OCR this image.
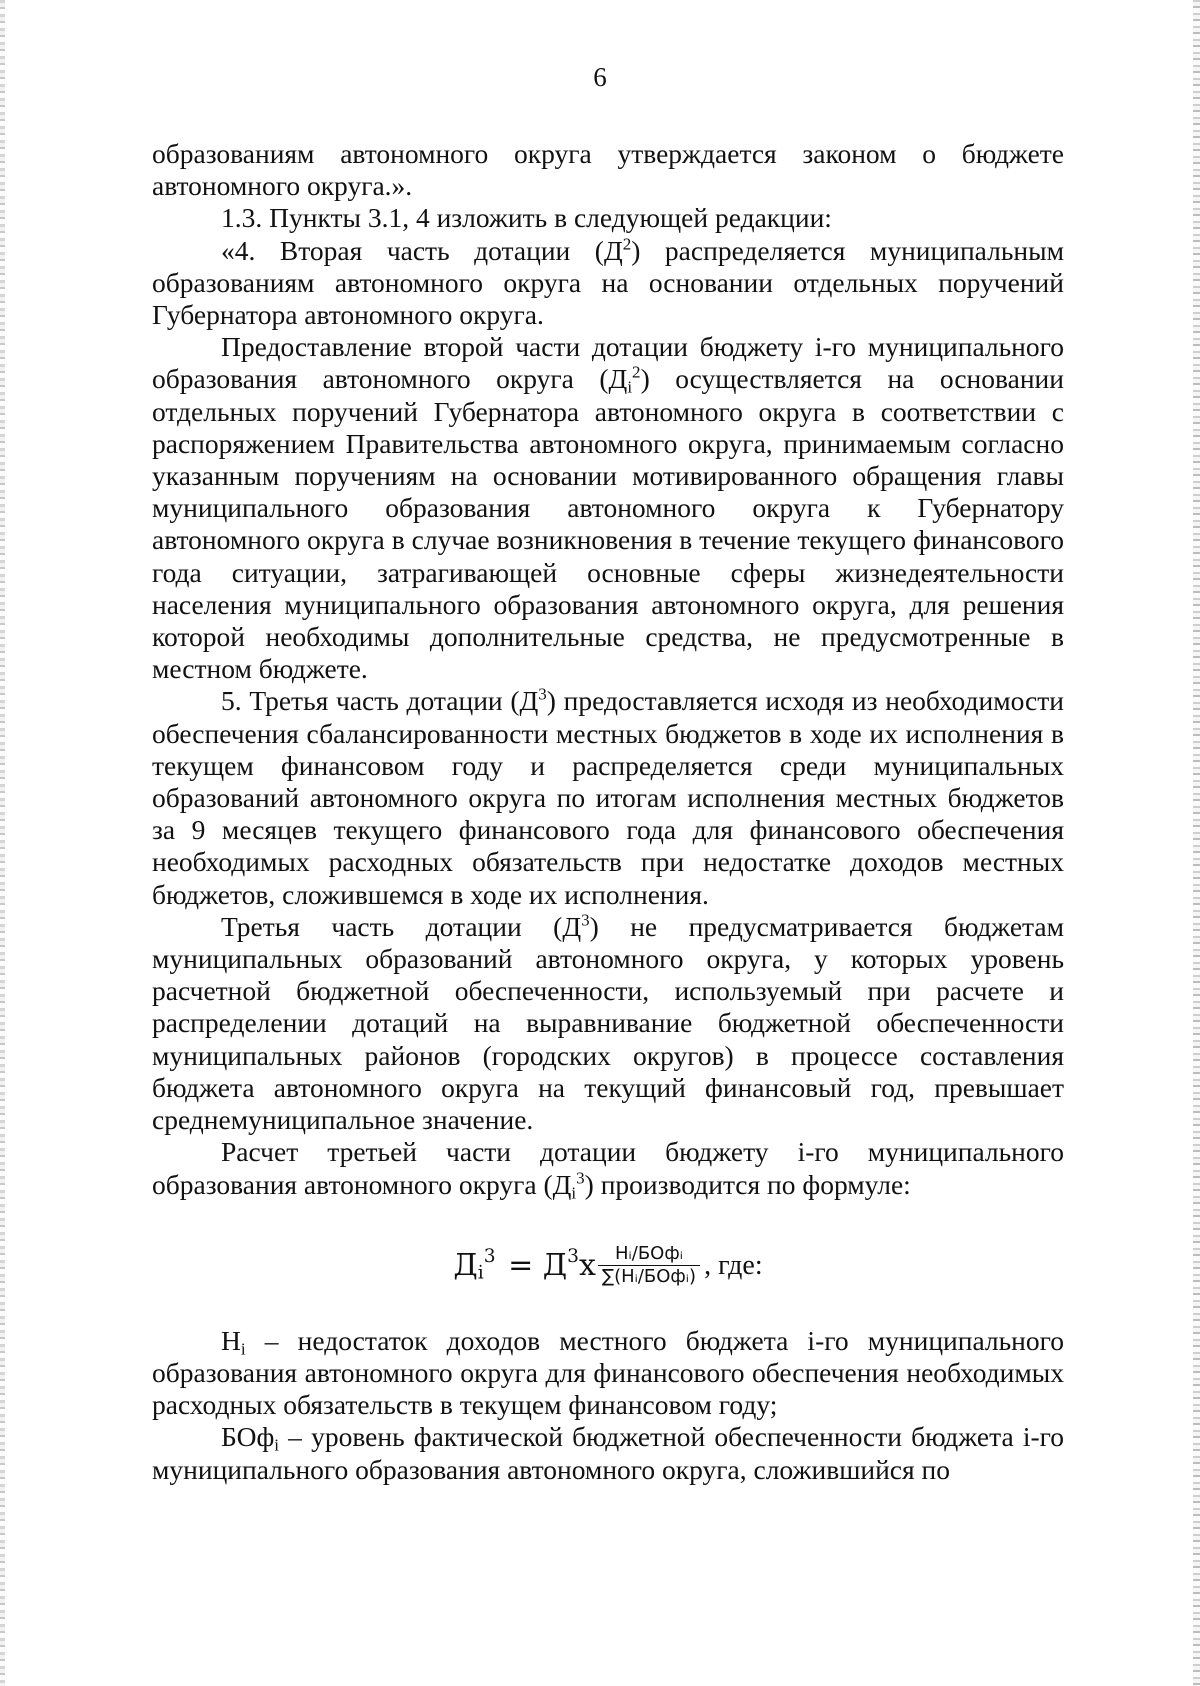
6

образованиям автономного округа утверждается законом о бюджете автономного округа.».

1.3. Пункты 3.1, 4 изложить в следующей редакции:

«4. Вторая часть дотации $(Д^2)$ распределяется муниципальным образованиям автономного округа на основании отдельных поручений Губернатора автономного округа.

Предоставление второй части дотации бюджету i-го муниципального образования автономного округа $(Д_i^2)$ осуществляется на основании отдельных поручений Губернатора автономного округа в соответствии с распоряжением Правительства автономного округа, принимаемым согласно указанным поручениям на основании мотивированного обращения главы муниципального образования автономного округа к Губернатору автономного округа в случае возникновения в течение текущего финансового года ситуации, затрагивающей основные сферы жизнедеятельности населения муниципального образования автономного округа, для решения которой необходимы дополнительные средства, не предусмотренные в местном бюджете.

5. Третья часть дотации $(Д^3)$ предоставляется исходя из необходимости обеспечения сбалансированности местных бюджетов в ходе их исполнения в текущем финансовом году и распределяется среди муниципальных образований автономного округа по итогам исполнения местных бюджетов за 9 месяцев текущего финансового года для финансового обеспечения необходимых расходных обязательств при недостатке доходов местных бюджетов, сложившемся в ходе их исполнения.

Третья часть дотации $(Д^3)$ не предусматривается бюджетам муниципальных образований автономного округа, у которых уровень расчетной бюджетной обеспеченности, используемый при расчете и распределении дотаций на выравнивание бюджетной обеспеченности муниципальных районов (городских округов) в процессе составления бюджета автономного округа на текущий финансовый год, превышает среднемуниципальное значение.

Расчет третьей части дотации бюджету i-го муниципального образования автономного округа $(Д_i^3)$ производится по формуле:

$Дi^3$
  = $Д^3x \frac{\text{Нᵢ/БОфᵢ}}{\text{∑(Нᵢ/БОфᵢ)}}$ , где:

$Н_i$ – недостаток доходов местного бюджета i-го муниципального образования автономного округа для финансового обеспечения необходимых расходных обязательств в текущем финансовом году;

БОф$_i$ – уровень фактической бюджетной обеспеченности бюджета i-го муниципального образования автономного округа, сложившийся по
